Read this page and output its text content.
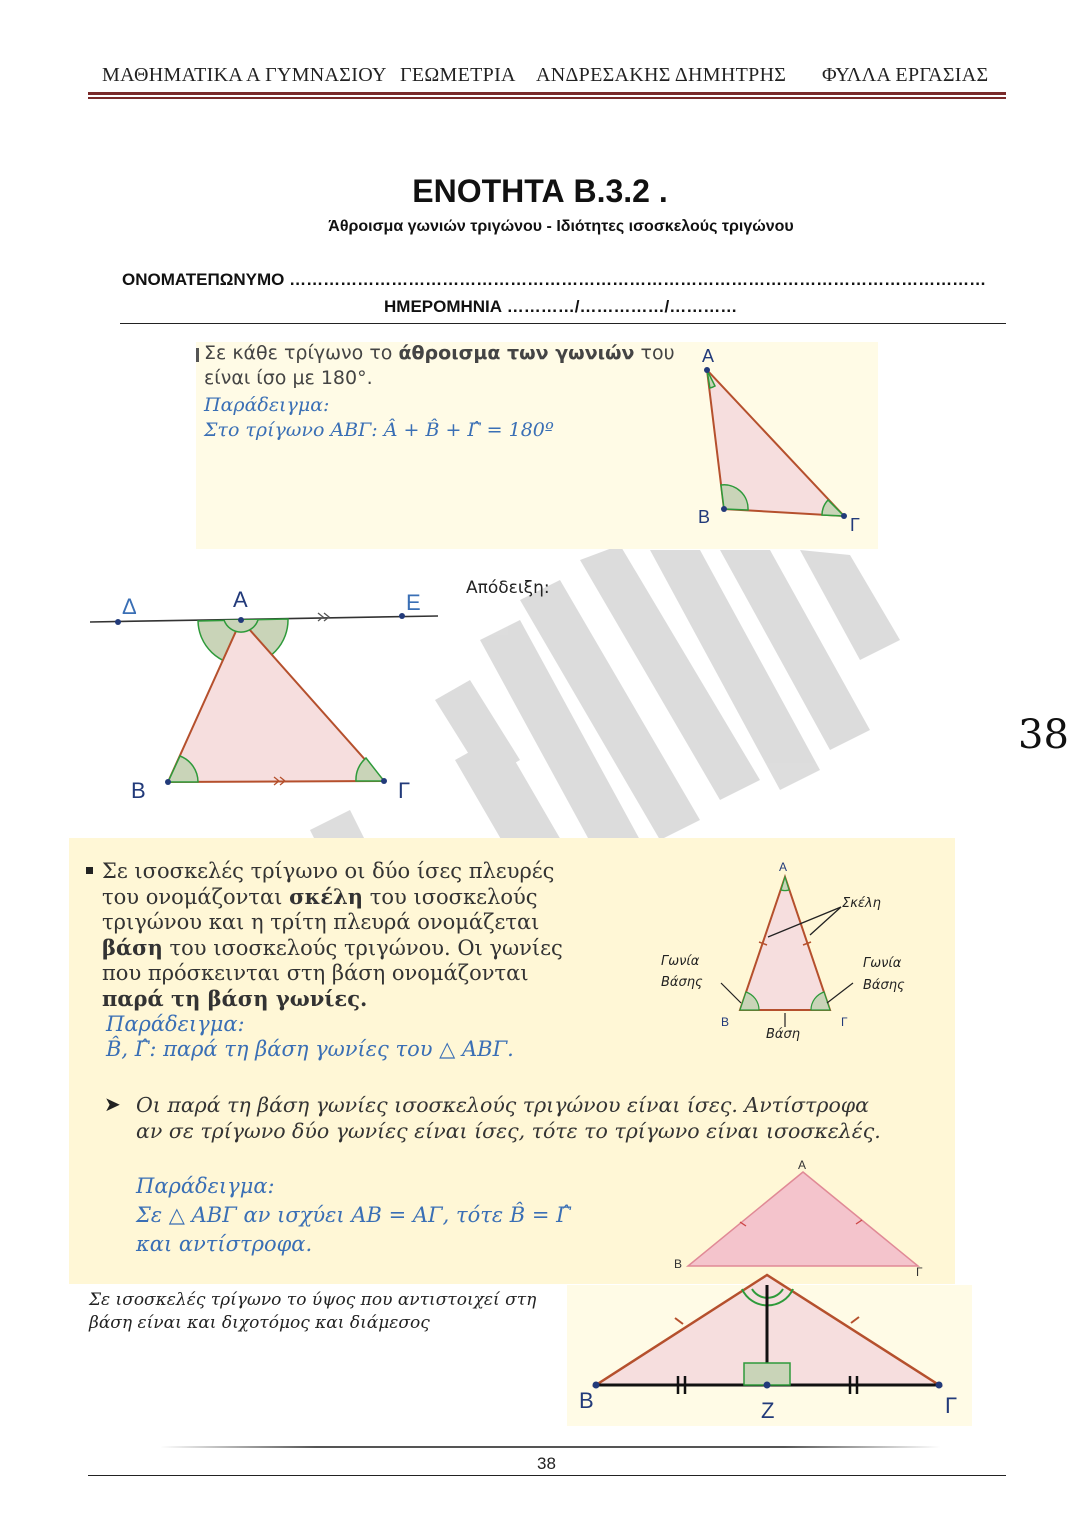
ΜΑΘΗΜΑΤΙΚΑ Α ΓΥΜΝΑΣΙΟΥ ΓΕΩΜΕΤΡΙΑ ΑΝΔΡΕΣΑΚΗΣ ΔΗΜΗΤΡΗΣ ΦΥΛΛΑ ΕΡΓΑΣΙΑΣ
ΕΝΟΤΗΤΑ Β.3.2 .
Άθροισμα γωνιών τριγώνου - Ιδιότητες ισοσκελούς τριγώνου
ΟΝΟΜΑΤΕΠΩΝΥΜΟ ……………………………………………………………………………………………………………
ΗΜΕΡΟΜΗΝΙΑ …………/……………/…………
Σε κάθε τρίγωνο το άθροισμα των γωνιών του
είναι ίσο με 180°.
Παράδειγμα:
Στο τρίγωνο ΑΒΓ: Â + B̂ + Γ̂ = 180º
Α
Β	Γ
Απόδειξη:
Δ	Α	Ε
Β	Γ
38
Σε ισοσκελές τρίγωνο οι δύο ίσες πλευρές
του ονομάζονται σκέλη του ισοσκελούς
τριγώνου και η τρίτη πλευρά ονομάζεται
βάση του ισοσκελούς τριγώνου. Οι γωνίες
που πρόσκεινται στη βάση ονομάζονται
παρά τη βάση γωνίες.
Παράδειγμα:
B̂, Γ̂: παρά τη βάση γωνίες του △ ΑΒΓ.
Α
Β	Γ
Σκέλη
Γωνία
Βάσης
Γωνία
Βάσης
Βάση
➤ Οι παρά τη βάση γωνίες ισοσκελούς τριγώνου είναι ίσες. Αντίστροφα
αν σε τρίγωνο δύο γωνίες είναι ίσες, τότε το τρίγωνο είναι ισοσκελές.
Παράδειγμα:
Σε △ ΑΒΓ αν ισχύει ΑΒ = ΑΓ, τότε B̂ = Γ̂
και αντίστροφα.
Α
Β
Γ
Σε ισοσκελές τρίγωνο το ύψος που αντιστοιχεί στη
βάση είναι και διχοτόμος και διάμεσος
Β	Ζ	Γ
38
